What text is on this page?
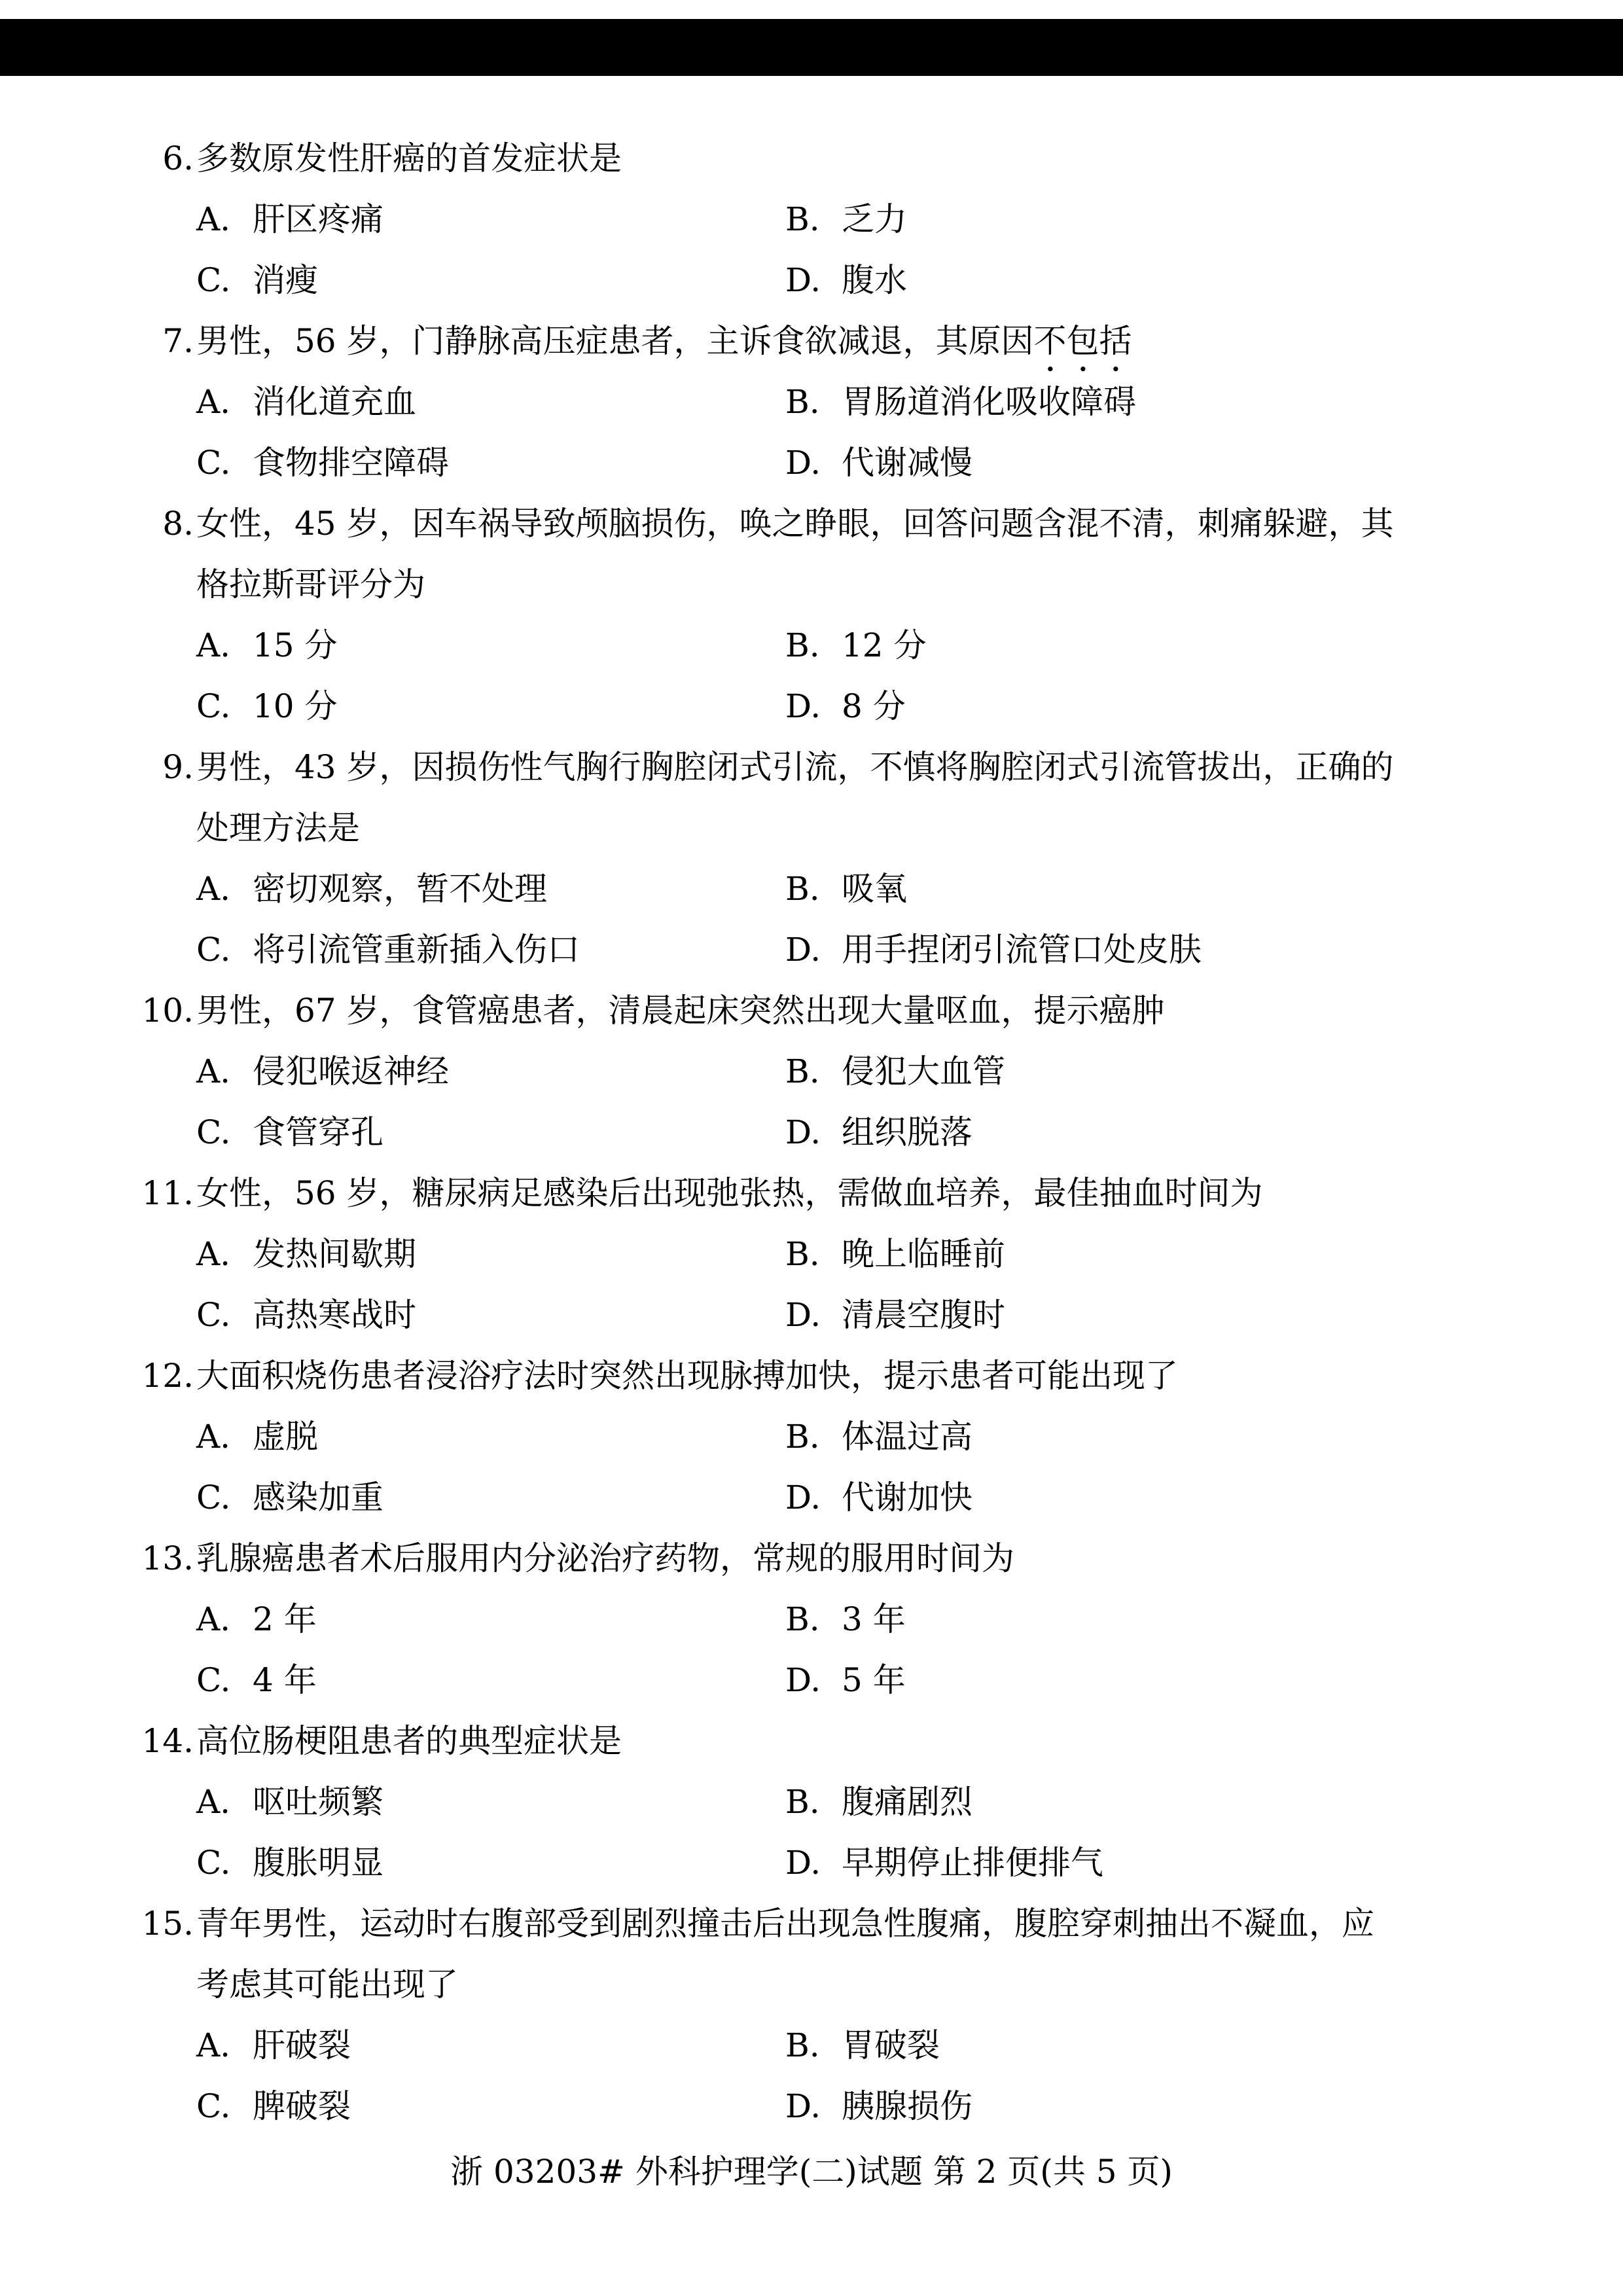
6. 多数原发性肝癌的首发症状是
A. 肝区疼痛	B. 乏力
C. 消瘦	D. 腹水
7. 男性，56 岁，门静脉高压症患者，主诉食欲减退，其原因不包括
A. 消化道充血	B. 胃肠道消化吸收障碍
C. 食物排空障碍	D. 代谢减慢
8. 女性，45 岁，因车祸导致颅脑损伤，唤之睁眼，回答问题含混不清，刺痛躲避，其
格拉斯哥评分为
A. 15 分	B. 12 分
C. 10 分	D. 8 分
9. 男性，43 岁，因损伤性气胸行胸腔闭式引流，不慎将胸腔闭式引流管拔出，正确的
处理方法是
A. 密切观察，暂不处理	B. 吸氧
C. 将引流管重新插入伤口	D. 用手捏闭引流管口处皮肤
10. 男性，67 岁，食管癌患者，清晨起床突然出现大量呕血，提示癌肿
A. 侵犯喉返神经	B. 侵犯大血管
C. 食管穿孔	D. 组织脱落
11. 女性，56 岁，糖尿病足感染后出现弛张热，需做血培养，最佳抽血时间为
A. 发热间歇期	B. 晚上临睡前
C. 高热寒战时	D. 清晨空腹时
12. 大面积烧伤患者浸浴疗法时突然出现脉搏加快，提示患者可能出现了
A. 虚脱	B. 体温过高
C. 感染加重	D. 代谢加快
13. 乳腺癌患者术后服用内分泌治疗药物，常规的服用时间为
A. 2 年	B. 3 年
C. 4 年	D. 5 年
14. 高位肠梗阻患者的典型症状是
A. 呕吐频繁	B. 腹痛剧烈
C. 腹胀明显	D. 早期停止排便排气
15. 青年男性，运动时右腹部受到剧烈撞击后出现急性腹痛，腹腔穿刺抽出不凝血，应
考虑其可能出现了
A. 肝破裂	B. 胃破裂
C. 脾破裂	D. 胰腺损伤
浙 03203# 外科护理学(二)试题 第 2 页(共 5 页)
